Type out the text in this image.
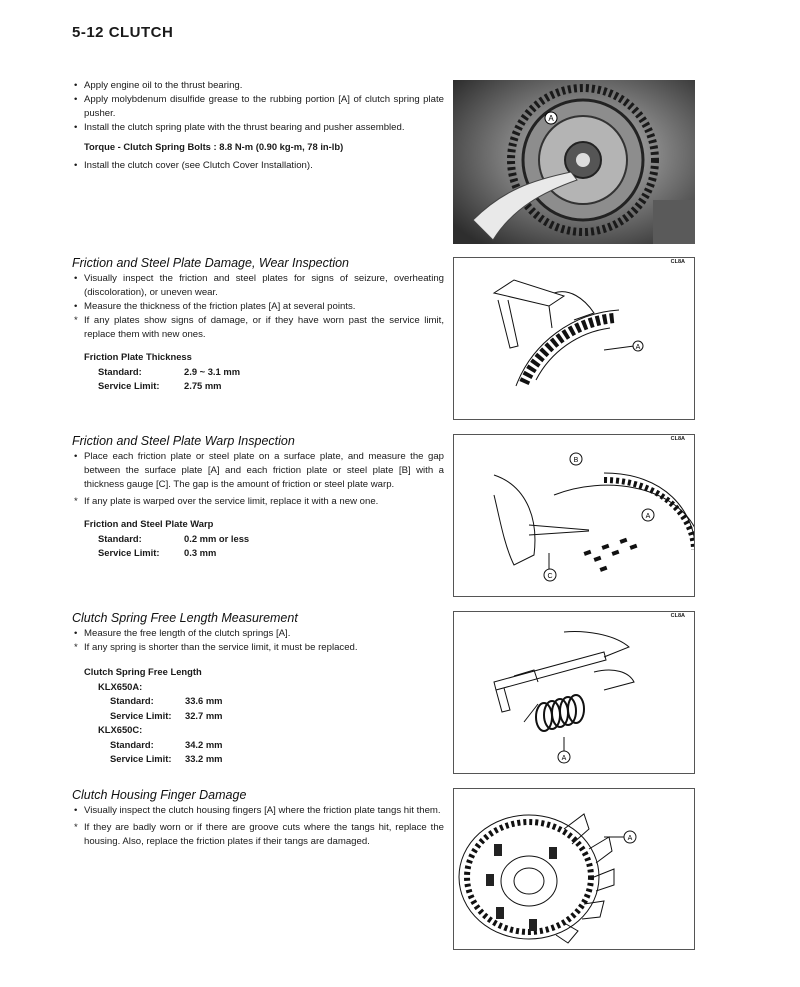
5-12 CLUTCH
• Apply engine oil to the thrust bearing.
• Apply molybdenum disulfide grease to the rubbing portion [A] of clutch spring plate pusher.
• Install the clutch spring plate with the thrust bearing and pusher assembled.
Torque - Clutch Spring Bolts : 8.8 N-m (0.90 kg-m, 78 in-lb)
• Install the clutch cover (see Clutch Cover Installation).
Friction and Steel Plate Damage, Wear Inspection
• Visually inspect the friction and steel plates for signs of seizure, overheating (discoloration), or uneven wear.
• Measure the thickness of the friction plates [A] at several points.
* If any plates show signs of damage, or if they have worn past the service limit, replace them with new ones.
Friction Plate Thickness
Standard:	2.9 ~ 3.1 mm
Service Limit:	2.75 mm
Friction and Steel Plate Warp Inspection
• Place each friction plate or steel plate on a surface plate, and measure the gap between the surface plate [A] and each friction plate or steel plate [B] with a thickness gauge [C]. The gap is the amount of friction or steel plate warp.
* If any plate is warped over the service limit, replace it with a new one.
Friction and Steel Plate Warp
Standard:	0.2 mm or less
Service Limit:	0.3 mm
Clutch Spring Free Length Measurement
• Measure the free length of the clutch springs [A].
* If any spring is shorter than the service limit, it must be replaced.
Clutch Spring Free Length
KLX650A:
Standard:	33.6 mm
Service Limit:	32.7 mm
KLX650C:
Standard:	34.2 mm
Service Limit:	33.2 mm
Clutch Housing Finger Damage
• Visually inspect the clutch housing fingers [A] where the friction plate tangs hit them.
* If they are badly worn or if there are groove cuts where the tangs hit, replace the housing. Also, replace the friction plates if their tangs are damaged.
A
CL8A
A
CL8A
B
A
C
CL8A
A
A
